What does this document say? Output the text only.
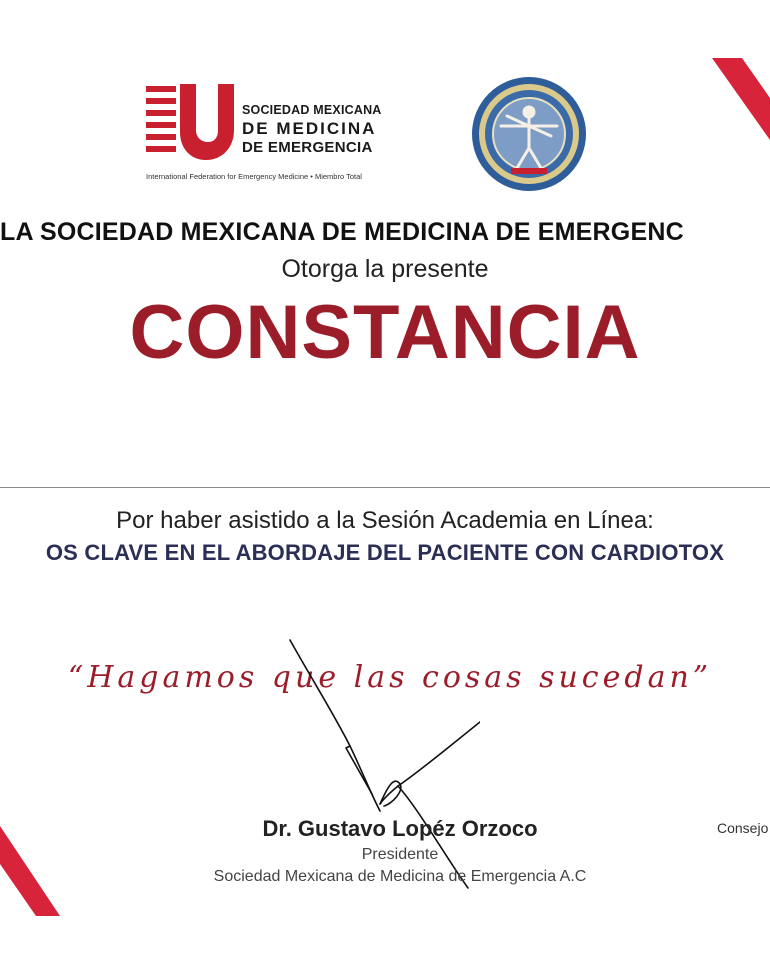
SOCIEDAD MEXICANA
DE MEDICINA
DE EMERGENCIA
International Federation for Emergency Medicine • Miembro Total
LA SOCIEDAD MEXICANA DE MEDICINA DE EMERGENC
Otorga la presente
CONSTANCIA
Por haber asistido a la Sesión Academia en Línea:
OS CLAVE EN EL ABORDAJE DEL PACIENTE CON CARDIOTOX
“Hagamos que las cosas sucedan”
Dr. Gustavo Lopéz Orzoco
Presidente
Sociedad Mexicana de Medicina de Emergencia A.C
Consejo
